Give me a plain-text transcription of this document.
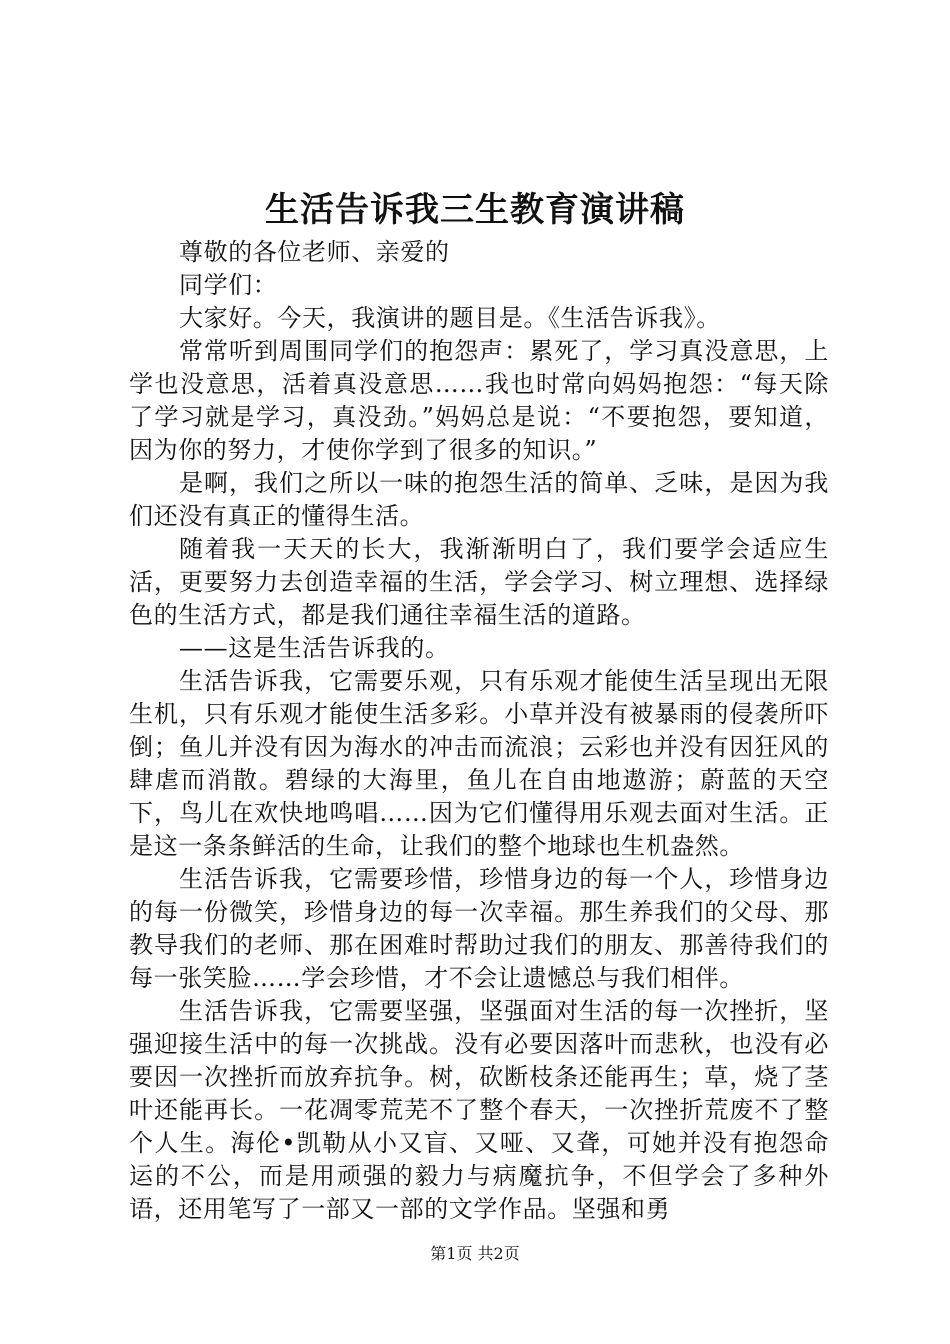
生活告诉我三生教育演讲稿

尊敬的各位老师、亲爱的

同学们：

大家好。今天，我演讲的题目是。《生活告诉我》。

常常听到周围同学们的抱怨声：累死了，学习真没意思，上学也没意思，活着真没意思……我也时常向妈妈抱怨：“每天除了学习就是学习，真没劲。”妈妈总是说：“不要抱怨，要知道，因为你的努力，才使你学到了很多的知识。”

是啊，我们之所以一味的抱怨生活的简单、乏味，是因为我们还没有真正的懂得生活。

随着我一天天的长大，我渐渐明白了，我们要学会适应生活，更要努力去创造幸福的生活，学会学习、树立理想、选择绿色的生活方式，都是我们通往幸福生活的道路。

——这是生活告诉我的。

生活告诉我，它需要乐观，只有乐观才能使生活呈现出无限生机，只有乐观才能使生活多彩。小草并没有被暴雨的侵袭所吓倒；鱼儿并没有因为海水的冲击而流浪；云彩也并没有因狂风的肆虐而消散。碧绿的大海里，鱼儿在自由地遨游；蔚蓝的天空下，鸟儿在欢快地鸣唱……因为它们懂得用乐观去面对生活。正是这一条条鲜活的生命，让我们的整个地球也生机盎然。

生活告诉我，它需要珍惜，珍惜身边的每一个人，珍惜身边的每一份微笑，珍惜身边的每一次幸福。那生养我们的父母、那教导我们的老师、那在困难时帮助过我们的朋友、那善待我们的每一张笑脸……学会珍惜，才不会让遗憾总与我们相伴。

生活告诉我，它需要坚强，坚强面对生活的每一次挫折，坚强迎接生活中的每一次挑战。没有必要因落叶而悲秋，也没有必要因一次挫折而放弃抗争。树，砍断枝条还能再生；草，烧了茎叶还能再长。一花凋零荒芜不了整个春天，一次挫折荒废不了整个人生。海伦•凯勒从小又盲、又哑、又聋，可她并没有抱怨命运的不公，而是用顽强的毅力与病魔抗争，不但学会了多种外语，还用笔写了一部又一部的文学作品。坚强和勇

第1页 共2页
